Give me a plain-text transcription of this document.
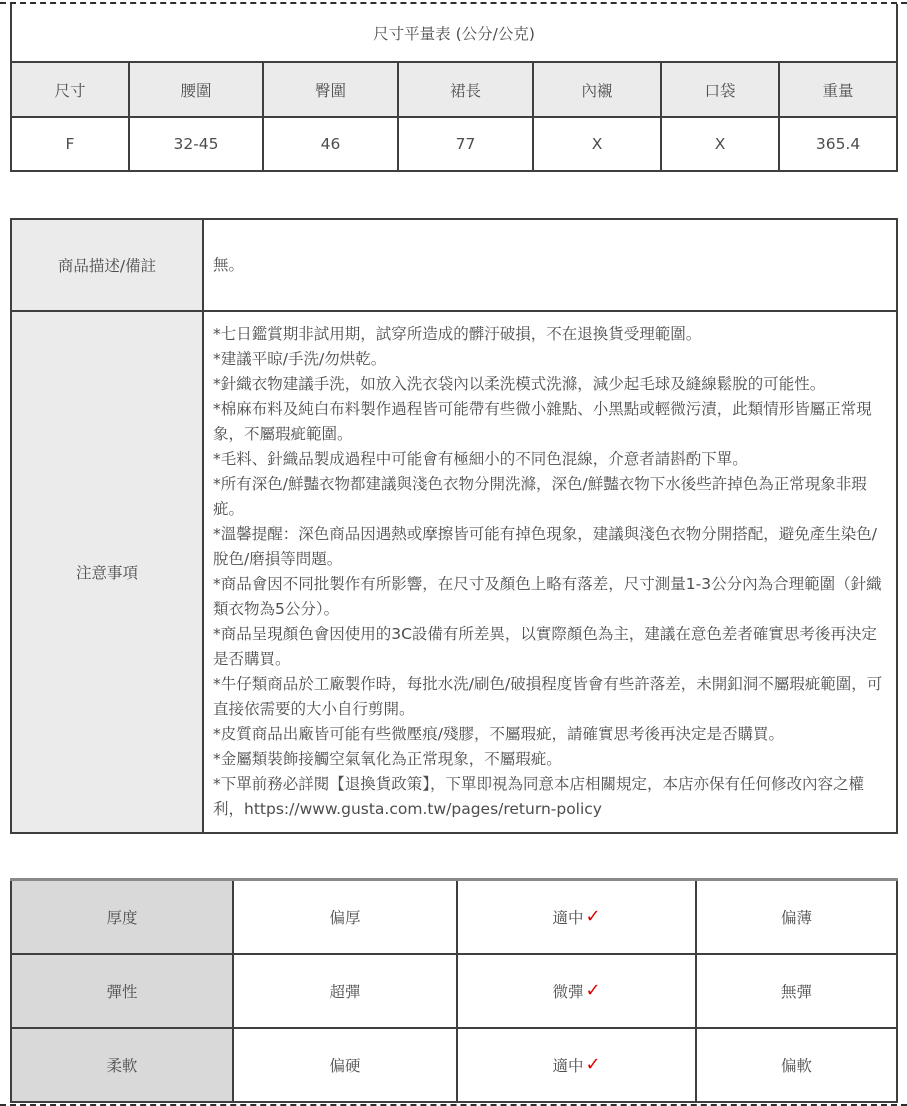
尺寸平量表 (公分/公克)						
尺寸	腰圍	臀圍	裙長	內襯	口袋	重量
F	32-45	46	77	X	X	365.4
商品描述/備註	無。
注意事項	
*七日鑑賞期非試用期，試穿所造成的髒汙破損，不在退換貨受理範圍。
*建議平晾/手洗/勿烘乾。
*針織衣物建議手洗，如放入洗衣袋內以柔洗模式洗滌，減少起毛球及縫線鬆脫的可能性。
*棉麻布料及純白布料製作過程皆可能帶有些微小雜點、小黑點或輕微污漬，此類情形皆屬正常現象，不屬瑕疵範圍。
*毛料、針織品製成過程中可能會有極細小的不同色混線，介意者請斟酌下單。
*所有深色/鮮豔衣物都建議與淺色衣物分開洗滌，深色/鮮豔衣物下水後些許掉色為正常現象非瑕疵。
*溫馨提醒：深色商品因遇熱或摩擦皆可能有掉色現象，建議與淺色衣物分開搭配，避免產生染色/脫色/磨損等問題。
*商品會因不同批製作有所影響，在尺寸及顏色上略有落差，尺寸測量1-3公分內為合理範圍（針織類衣物為5公分）。
*商品呈現顏色會因使用的3C設備有所差異，以實際顏色為主，建議在意色差者確實思考後再決定是否購買。
*牛仔類商品於工廠製作時，每批水洗/刷色/破損程度皆會有些許落差，未開釦洞不屬瑕疵範圍，可直接依需要的大小自行剪開。
*皮質商品出廠皆可能有些微壓痕/殘膠，不屬瑕疵，請確實思考後再決定是否購買。
*金屬類裝飾接觸空氣氧化為正常現象，不屬瑕疵。
*下單前務必詳閱【退換貨政策】，下單即視為同意本店相關規定，本店亦保有任何修改內容之權利，https://www.gusta.com.tw/pages/return-policy
厚度	偏厚	適中 ✓	偏薄
彈性	超彈	微彈 ✓	無彈
柔軟	偏硬	適中 ✓	偏軟
